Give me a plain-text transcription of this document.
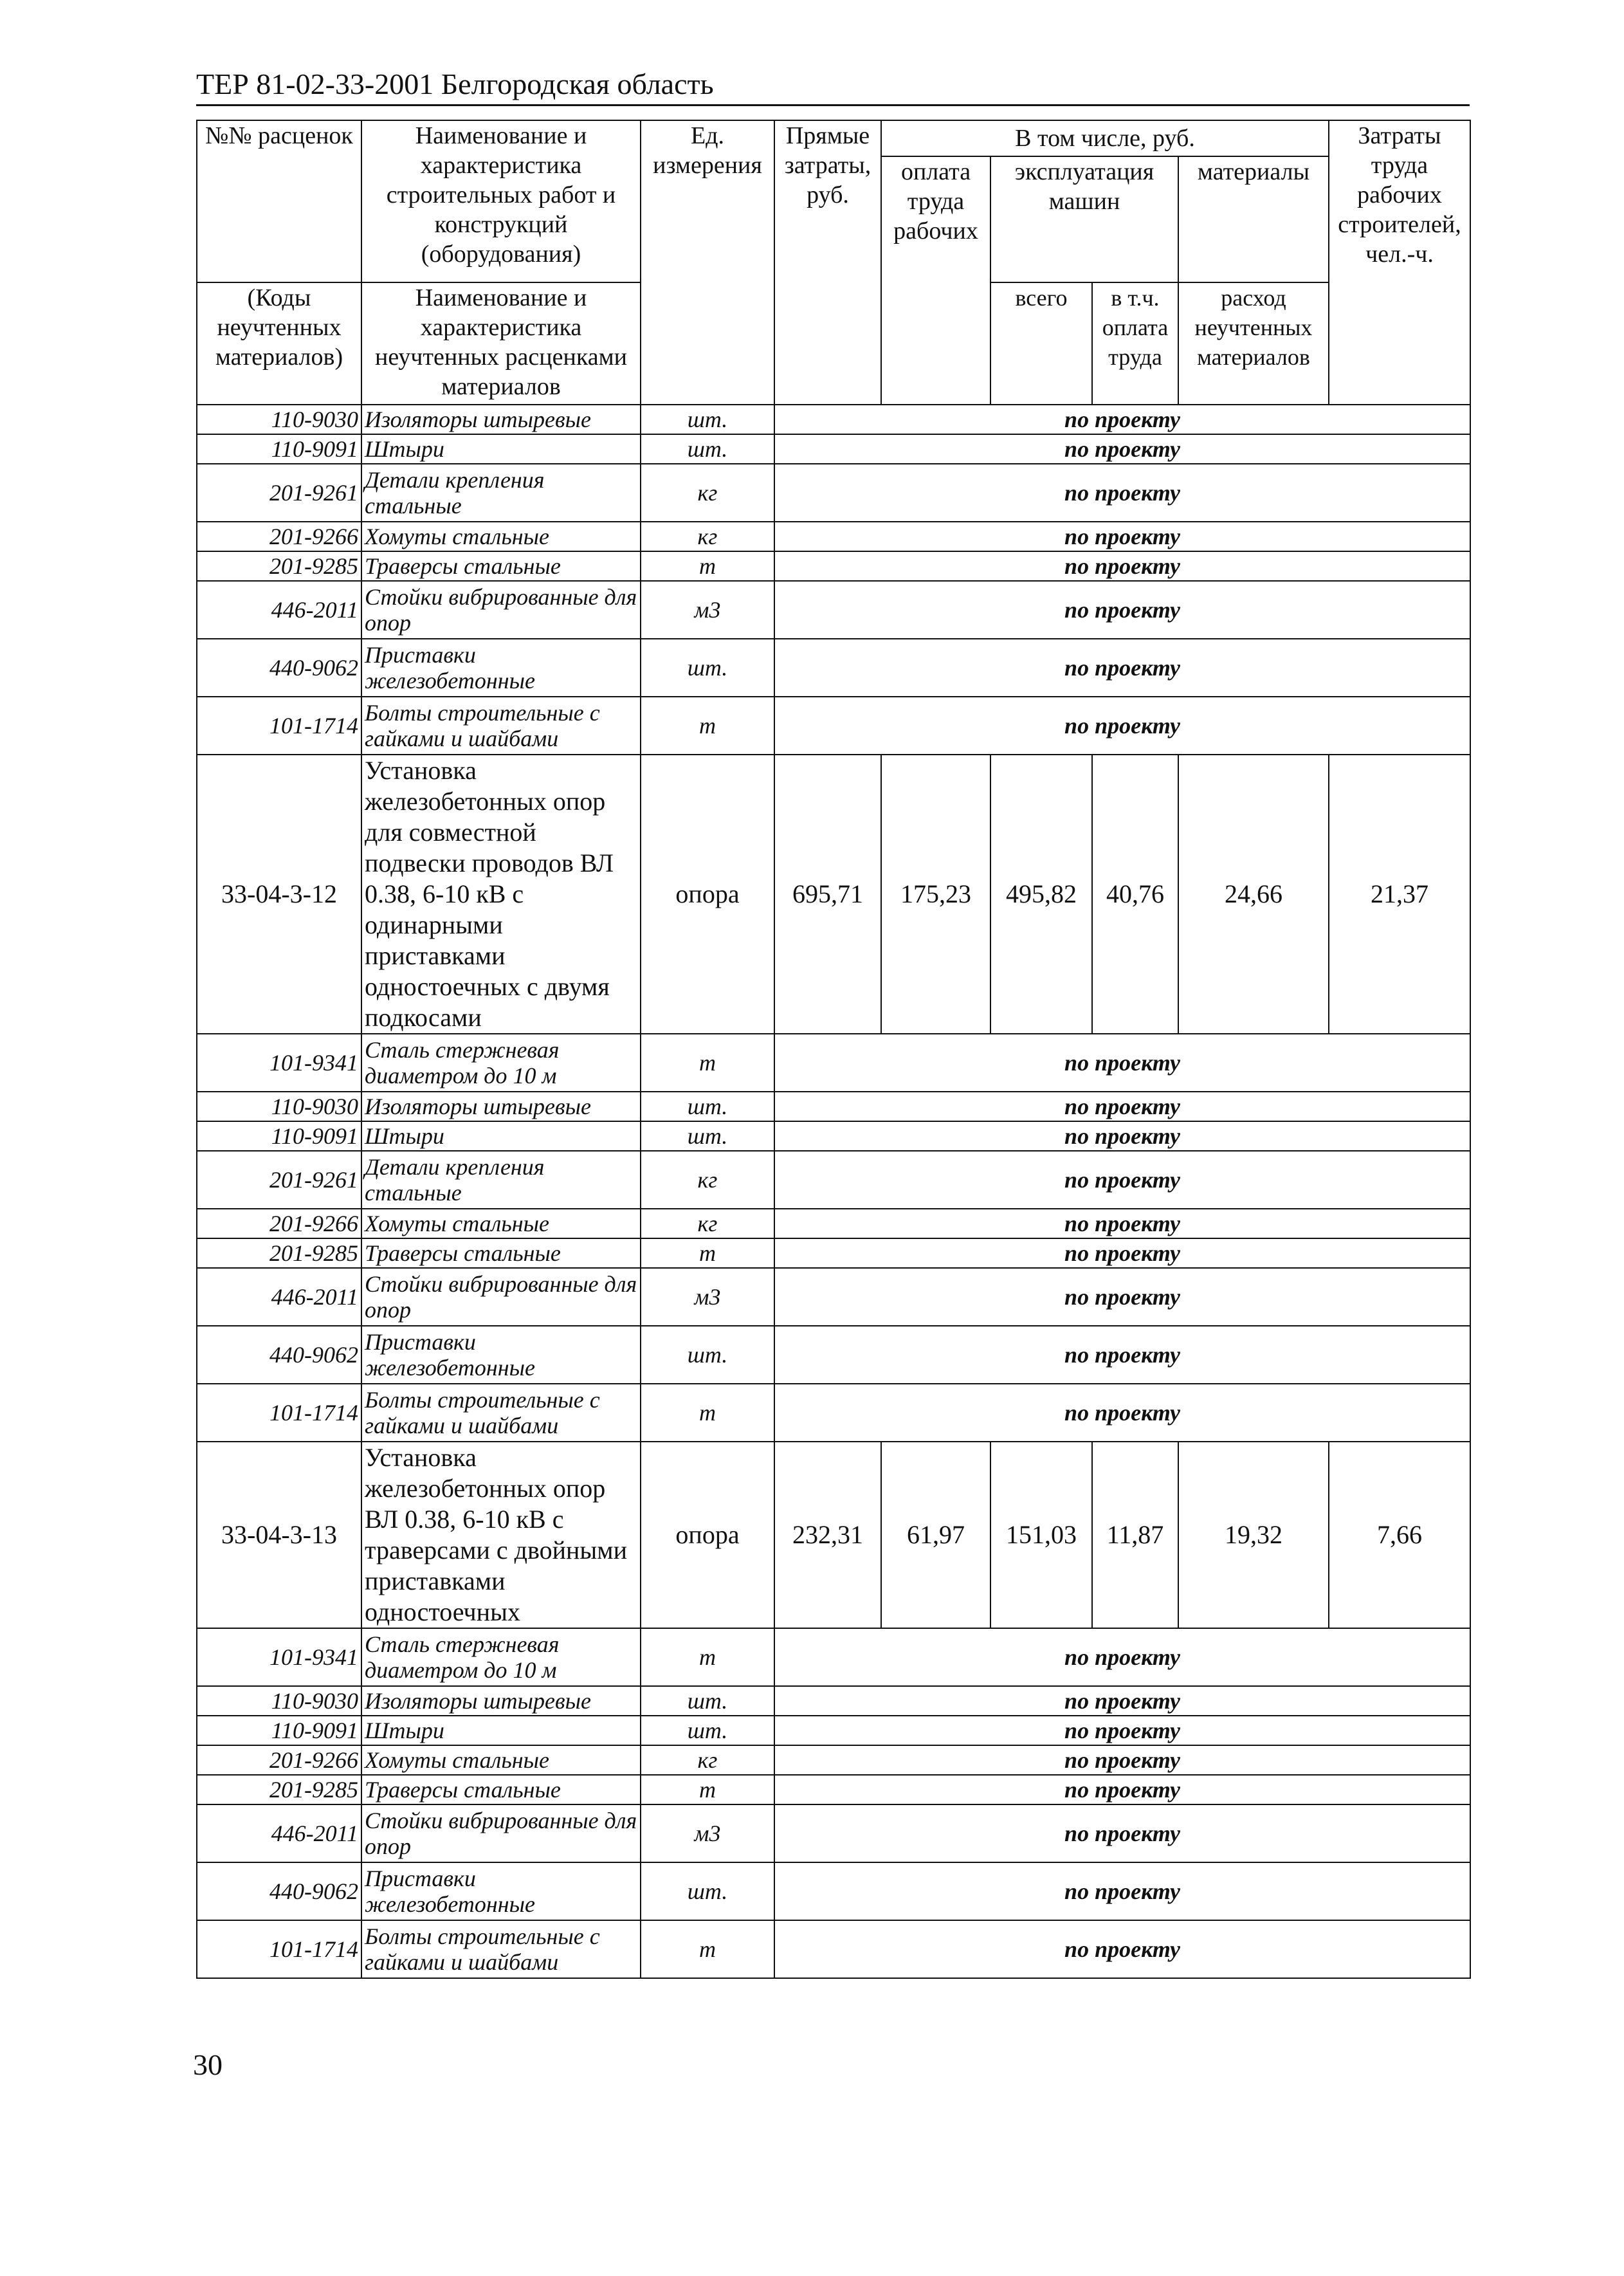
ТЕР 81-02-33-2001 Белгородская область
№№ расценок	Наименование и характеристика строительных работ и конструкций (оборудования)	Ед. измерения	Прямые затраты, руб.	В том числе, руб.				Затраты труда рабочих строителей, чел.-ч.
				оплата труда рабочих	эксплуатация машин		материалы	
(Коды неучтенных материалов)	Наименование и характеристика неучтенных расценками материалов				всего	в т.ч. оплата труда	расход неучтенных материалов	
110-9030	Изоляторы штыревые	шт.	по проекту					
110-9091	Штыри	шт.	по проекту					
201-9261	Детали крепления стальные	кг	по проекту					
201-9266	Хомуты стальные	кг	по проекту					
201-9285	Траверсы стальные	т	по проекту					
446-2011	Стойки вибрированные для опор	м3	по проекту					
440-9062	Приставки железобетонные	шт.	по проекту					
101-1714	Болты строительные с гайками и шайбами	т	по проекту					
33-04-3-12	Установка железобетонных опор для совместной подвески проводов ВЛ 0.38, 6-10 кВ с одинарными приставками одностоечных с двумя подкосами	опора	695,71	175,23	495,82	40,76	24,66	21,37
101-9341	Сталь стержневая диаметром до 10 м	т	по проекту					
110-9030	Изоляторы штыревые	шт.	по проекту					
110-9091	Штыри	шт.	по проекту					
201-9261	Детали крепления стальные	кг	по проекту					
201-9266	Хомуты стальные	кг	по проекту					
201-9285	Траверсы стальные	т	по проекту					
446-2011	Стойки вибрированные для опор	м3	по проекту					
440-9062	Приставки железобетонные	шт.	по проекту					
101-1714	Болты строительные с гайками и шайбами	т	по проекту					
33-04-3-13	Установка железобетонных опор ВЛ 0.38, 6-10 кВ с траверсами с двойными приставками одностоечных	опора	232,31	61,97	151,03	11,87	19,32	7,66
101-9341	Сталь стержневая диаметром до 10 м	т	по проекту					
110-9030	Изоляторы штыревые	шт.	по проекту					
110-9091	Штыри	шт.	по проекту					
201-9266	Хомуты стальные	кг	по проекту					
201-9285	Траверсы стальные	т	по проекту					
446-2011	Стойки вибрированные для опор	м3	по проекту					
440-9062	Приставки железобетонные	шт.	по проекту					
101-1714	Болты строительные с гайками и шайбами	т	по проекту					
30
